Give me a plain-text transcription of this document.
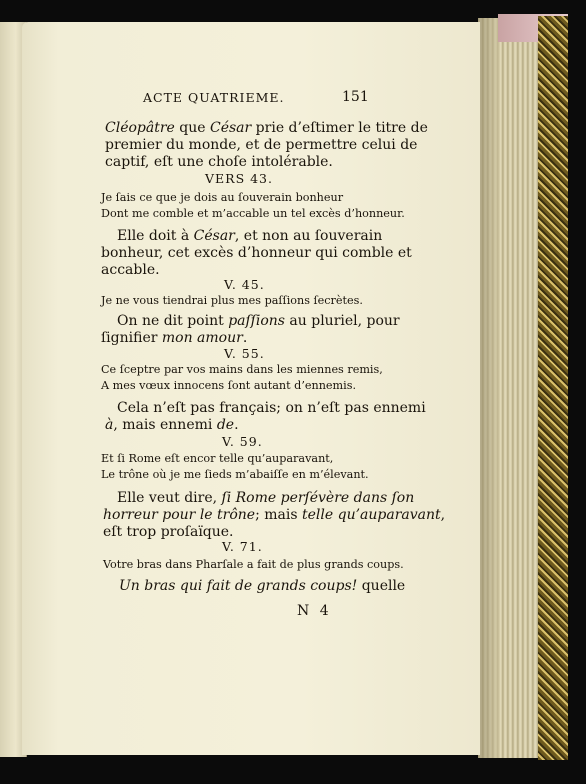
ACTE QUATRIEME.	151
Cléopâtre que César prie d’eſtimer le titre de
premier du monde, et de permettre celui de
captif, eſt une choſe intolérable.
VERS 43.
Je ſais ce que je dois au ſouverain bonheur
Dont me comble et m’accable un tel excès d’honneur.
Elle doit à César, et non au ſouverain
bonheur, cet excès d’honneur qui comble et
accable.
V. 45.
Je ne vous tiendrai plus mes paſſions ſecrètes.
On ne dit point paſſions au pluriel, pour
ſignifier mon amour.
V. 55.
Ce ſceptre par vos mains dans les miennes remis,
A mes vœux innocens ſont autant d’ennemis.
Cela n’eſt pas français; on n’eſt pas ennemi
à, mais ennemi de.
V. 59.
Et ſi Rome eſt encor telle qu’auparavant,
Le trône où je me ſieds m’abaiſſe en m’élevant.
Elle veut dire, ſi Rome perſévère dans ſon
horreur pour le trône; mais telle qu’auparavant,
eſt trop proſaïque.
V. 71.
Votre bras dans Pharſale a fait de plus grands coups.
Un bras qui fait de grands coups! quelle
N 4
